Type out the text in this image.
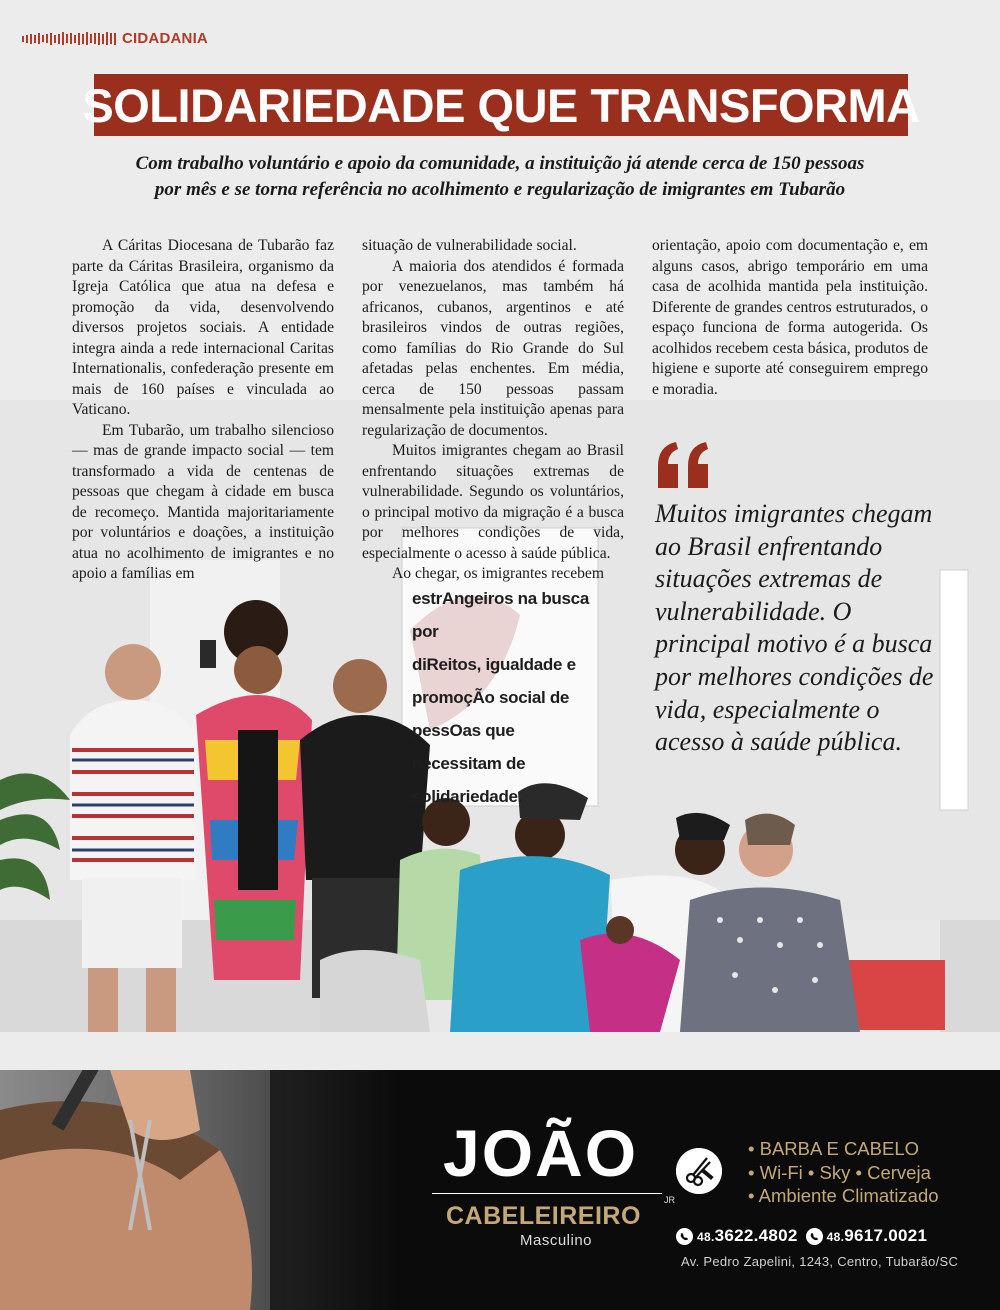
CIDADANIA
SOLIDARIEDADE QUE TRANSFORMA
Com trabalho voluntário e apoio da comunidade, a instituição já atende cerca de 150 pessoas
por mês e se torna referência no acolhimento e regularização de imigrantes em Tubarão
estrAngeiros na busca por
diReitos, igualdade e
promoçÃo social de
pessOas que necessitam de
solidariedade.

A Cáritas Diocesana de Tubarão faz parte da Cáritas Brasileira, organismo da Igreja Católica que atua na defesa e promoção da vida, desenvolvendo diversos projetos sociais. A entidade integra ainda a rede internacional Caritas Internationalis, confederação presente em mais de 160 países e vinculada ao Vaticano.

Em Tubarão, um trabalho silencioso — mas de grande impacto social — tem transformado a vida de centenas de pessoas que chegam à cidade em busca de recomeço. Mantida majoritariamente por voluntários e doações, a instituição atua no acolhimento de imigrantes e no apoio a famílias em

situação de vulnerabilidade social.

A maioria dos atendidos é formada por venezuelanos, mas também há africanos, cubanos, argentinos e até brasileiros vindos de outras regiões, como famílias do Rio Grande do Sul afetadas pelas enchentes. Em média, cerca de 150 pessoas passam mensalmente pela instituição apenas para regularização de documentos.

Muitos imigrantes chegam ao Brasil enfrentando situações extremas de vulnerabilidade. Segundo os voluntários, o principal motivo da migração é a busca por melhores condições de vida, especialmente o acesso à saúde pública.

Ao chegar, os imigrantes recebem

orientação, apoio com documentação e, em alguns casos, abrigo temporário em uma casa de acolhida mantida pela instituição. Diferente de grandes centros estruturados, o espaço funciona de forma autogerida. Os acolhidos recebem cesta básica, produtos de higiene e suporte até conseguirem emprego e moradia.

Muitos imigrantes chegam ao Brasil enfrentando situações extremas de vulnerabilidade. O principal motivo é a busca por melhores condições de vida, especialmente o acesso à saúde pública.
JOÃO
JR
CABELEIREIRO
Masculino
• BARBA E CABELO
• Wi-Fi • Sky • Cerveja
• Ambiente Climatizado
48.3622.4802 48.9617.0021
Av. Pedro Zapelini, 1243, Centro, Tubarão/SC
